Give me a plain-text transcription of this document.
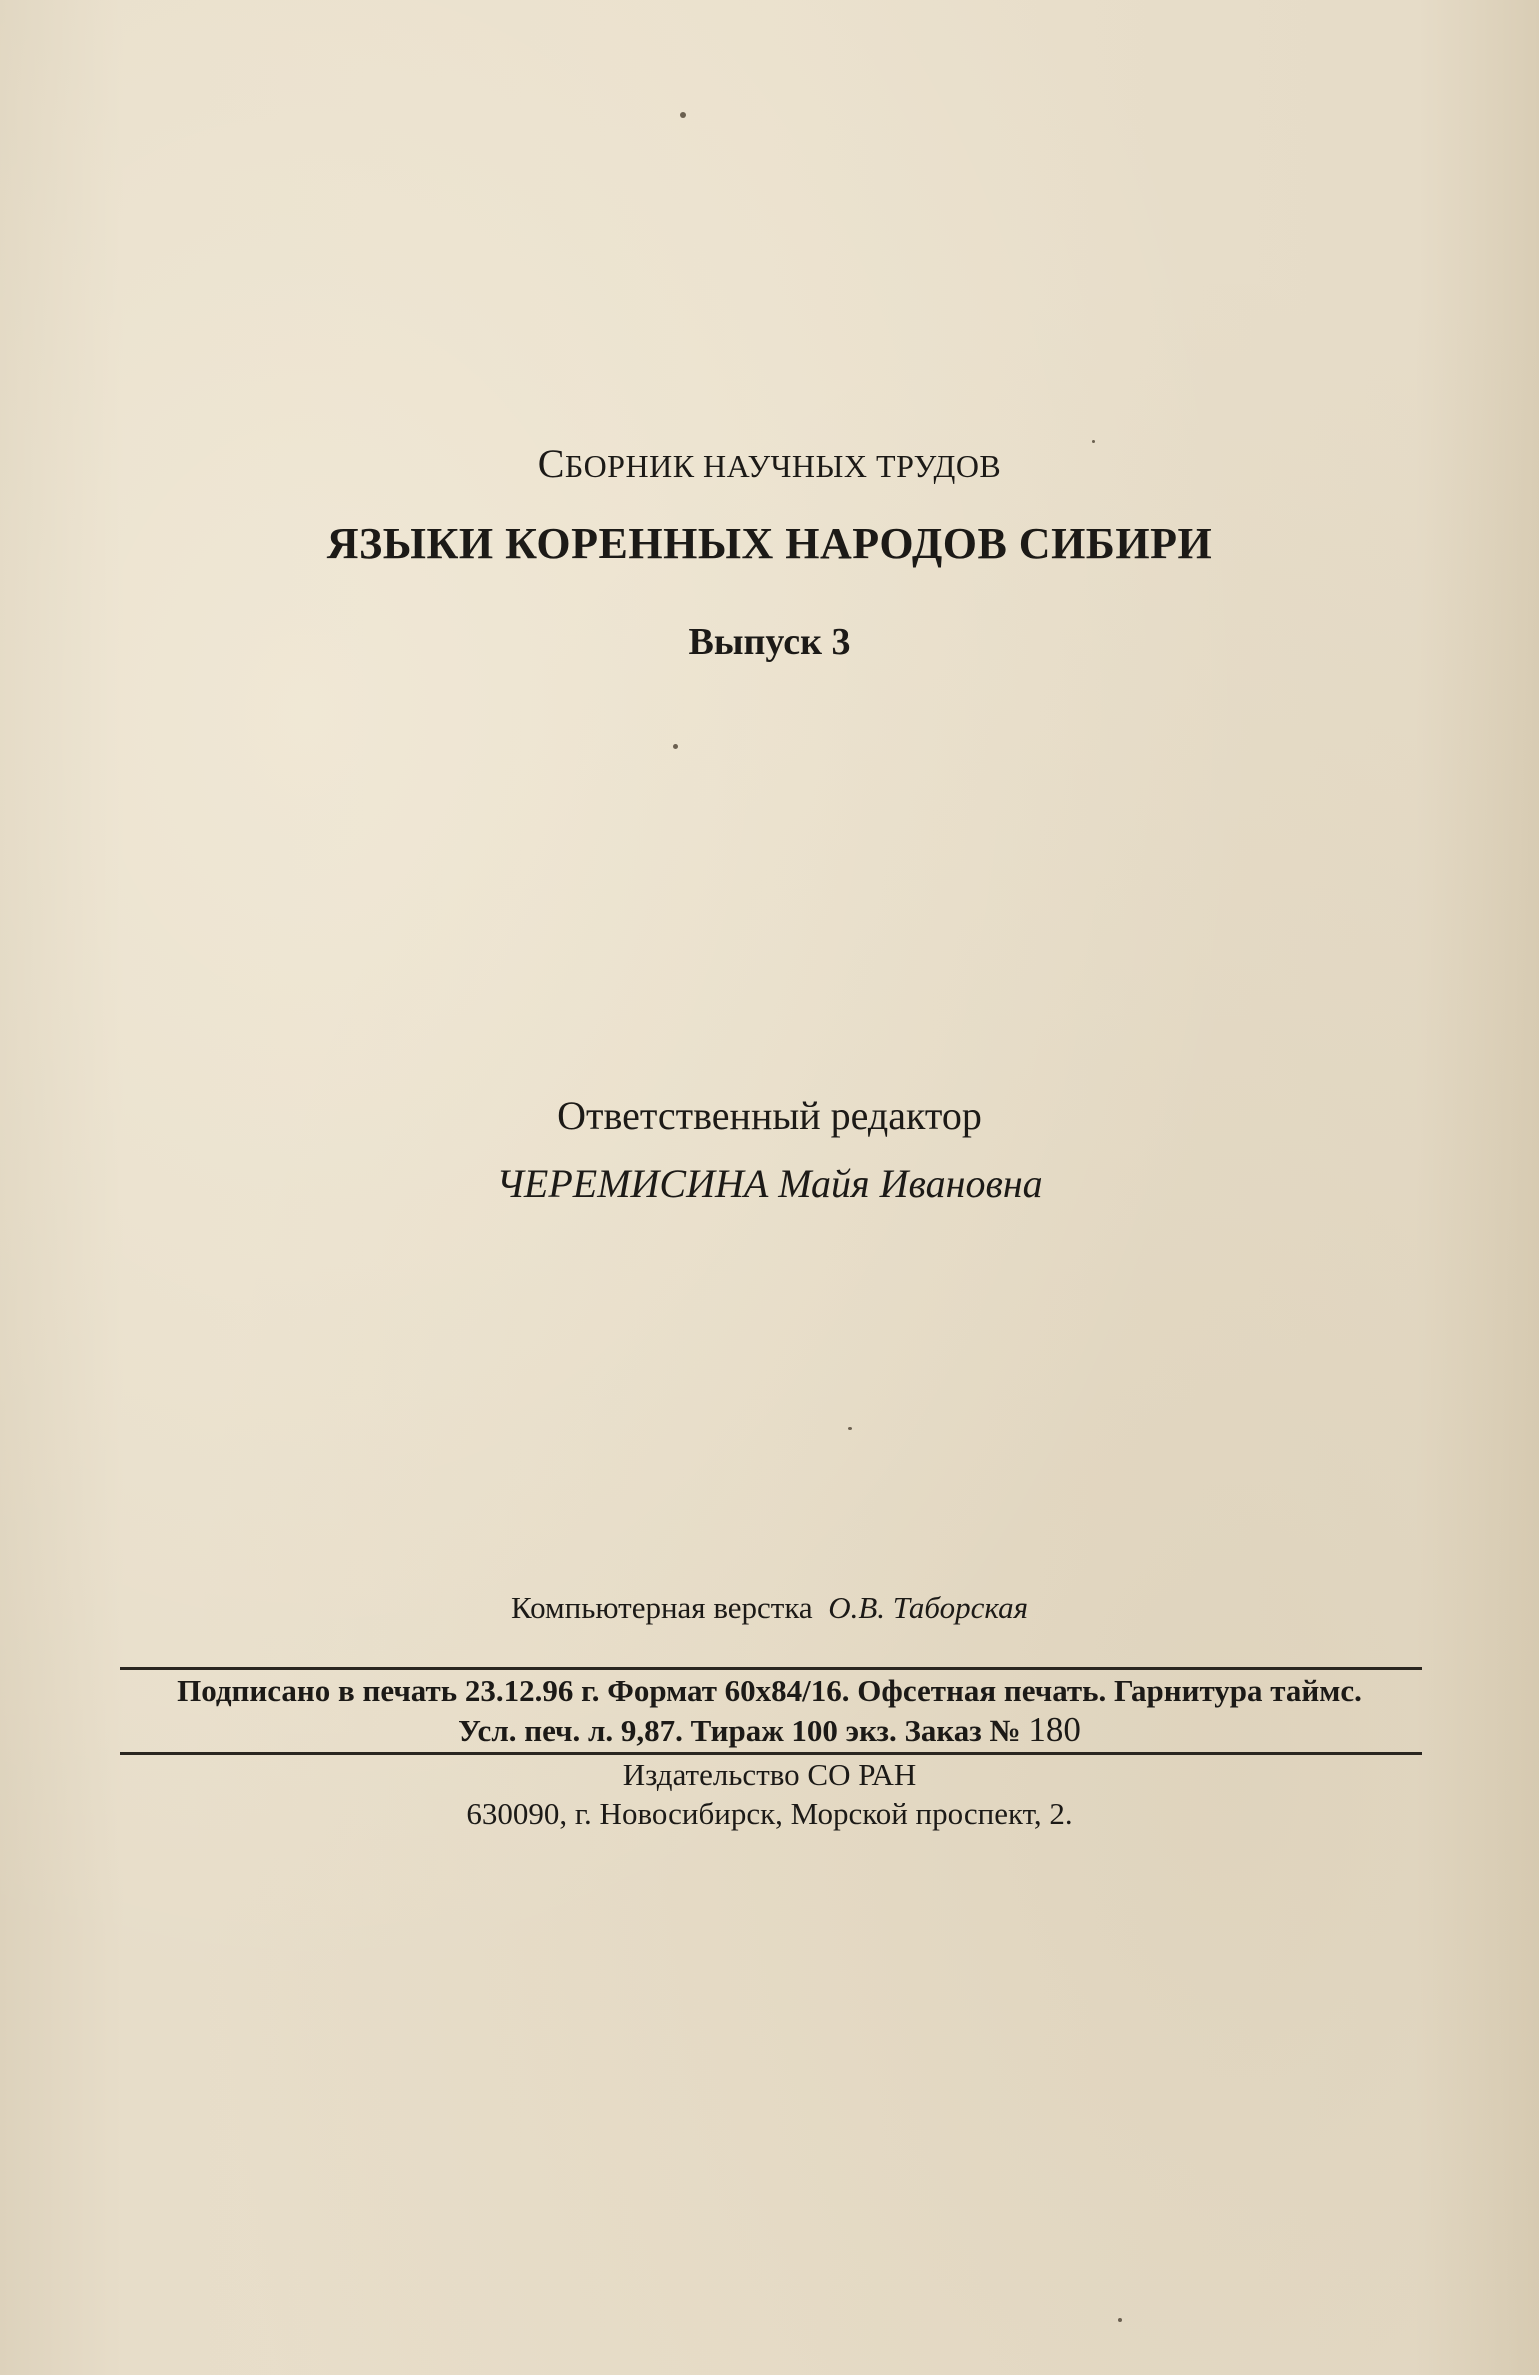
СБОРНИК НАУЧНЫХ ТРУДОВ
ЯЗЫКИ КОРЕННЫХ НАРОДОВ СИБИРИ
Выпуск 3
Ответственный редактор
ЧЕРЕМИСИНА Майя Ивановна
Компьютерная верстка О.В. Таборская
Подписано в печать 23.12.96 г. Формат 60x84/16. Офсетная печать. Гарнитура таймс.
Усл. печ. л. 9,87. Тираж 100 экз. Заказ № 180
Издательство СО РАН
630090, г. Новосибирск, Морской проспект, 2.
